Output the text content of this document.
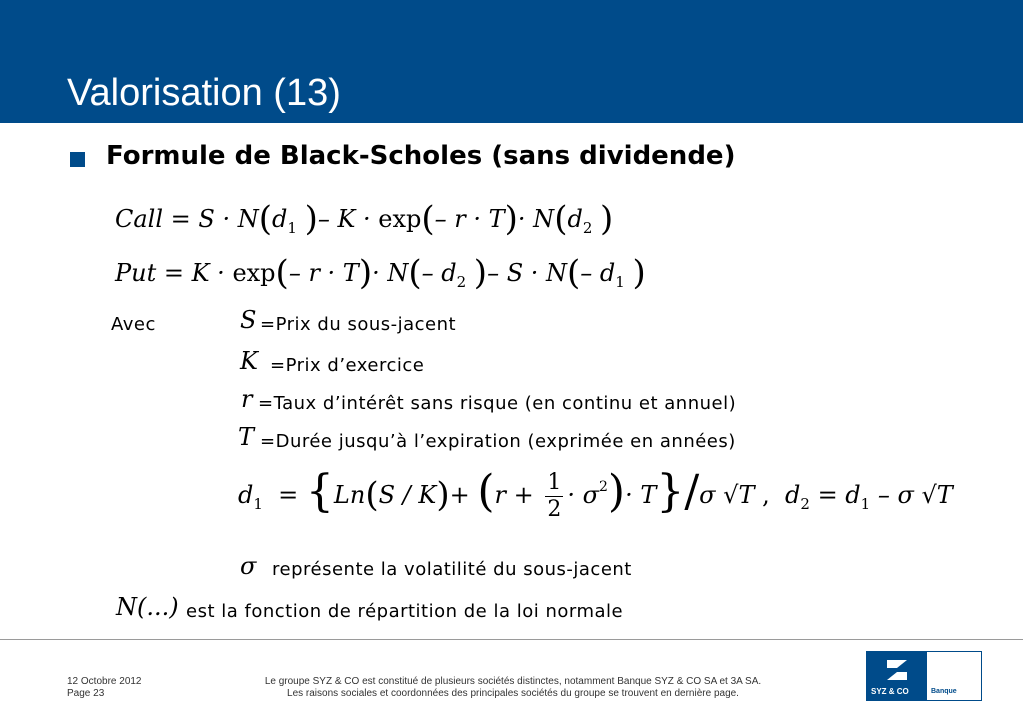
Valorisation (13)
Formule de Black-Scholes (sans dividende)
Call = $S \cdot N(d_1$ )– K · exp(– $r \cdot T)\cdot N(d_2$ )
Put = K · exp(– r · T)· N(– $d_2$ )– S · N(– $d_1$ )
Avec	S =Prix du sous-jacent
K =Prix d’exercice
r =Taux d’intérêt sans risque (en continu et annuel)
T =Durée jusqu’à l’expiration (exprimée en années)
$d_1 = \{Ln(S / K)+ (r + \frac{1}{2} \cdot \sigma^2)\cdot T\}/\sigma$ √T ,  $d_2 = d_1 - \sigma$ √T
σ représente la volatilité du sous-jacent
N(...) est la fonction de répartition de la loi normale
12 Octobre 2012
Page 23
Le groupe SYZ & CO est constitué de plusieurs sociétés distinctes, notamment Banque SYZ & CO SA et 3A SA.
Les raisons sociales et coordonnées des principales sociétés du groupe se trouvent en dernière page.	SYZ & CO	Banque
